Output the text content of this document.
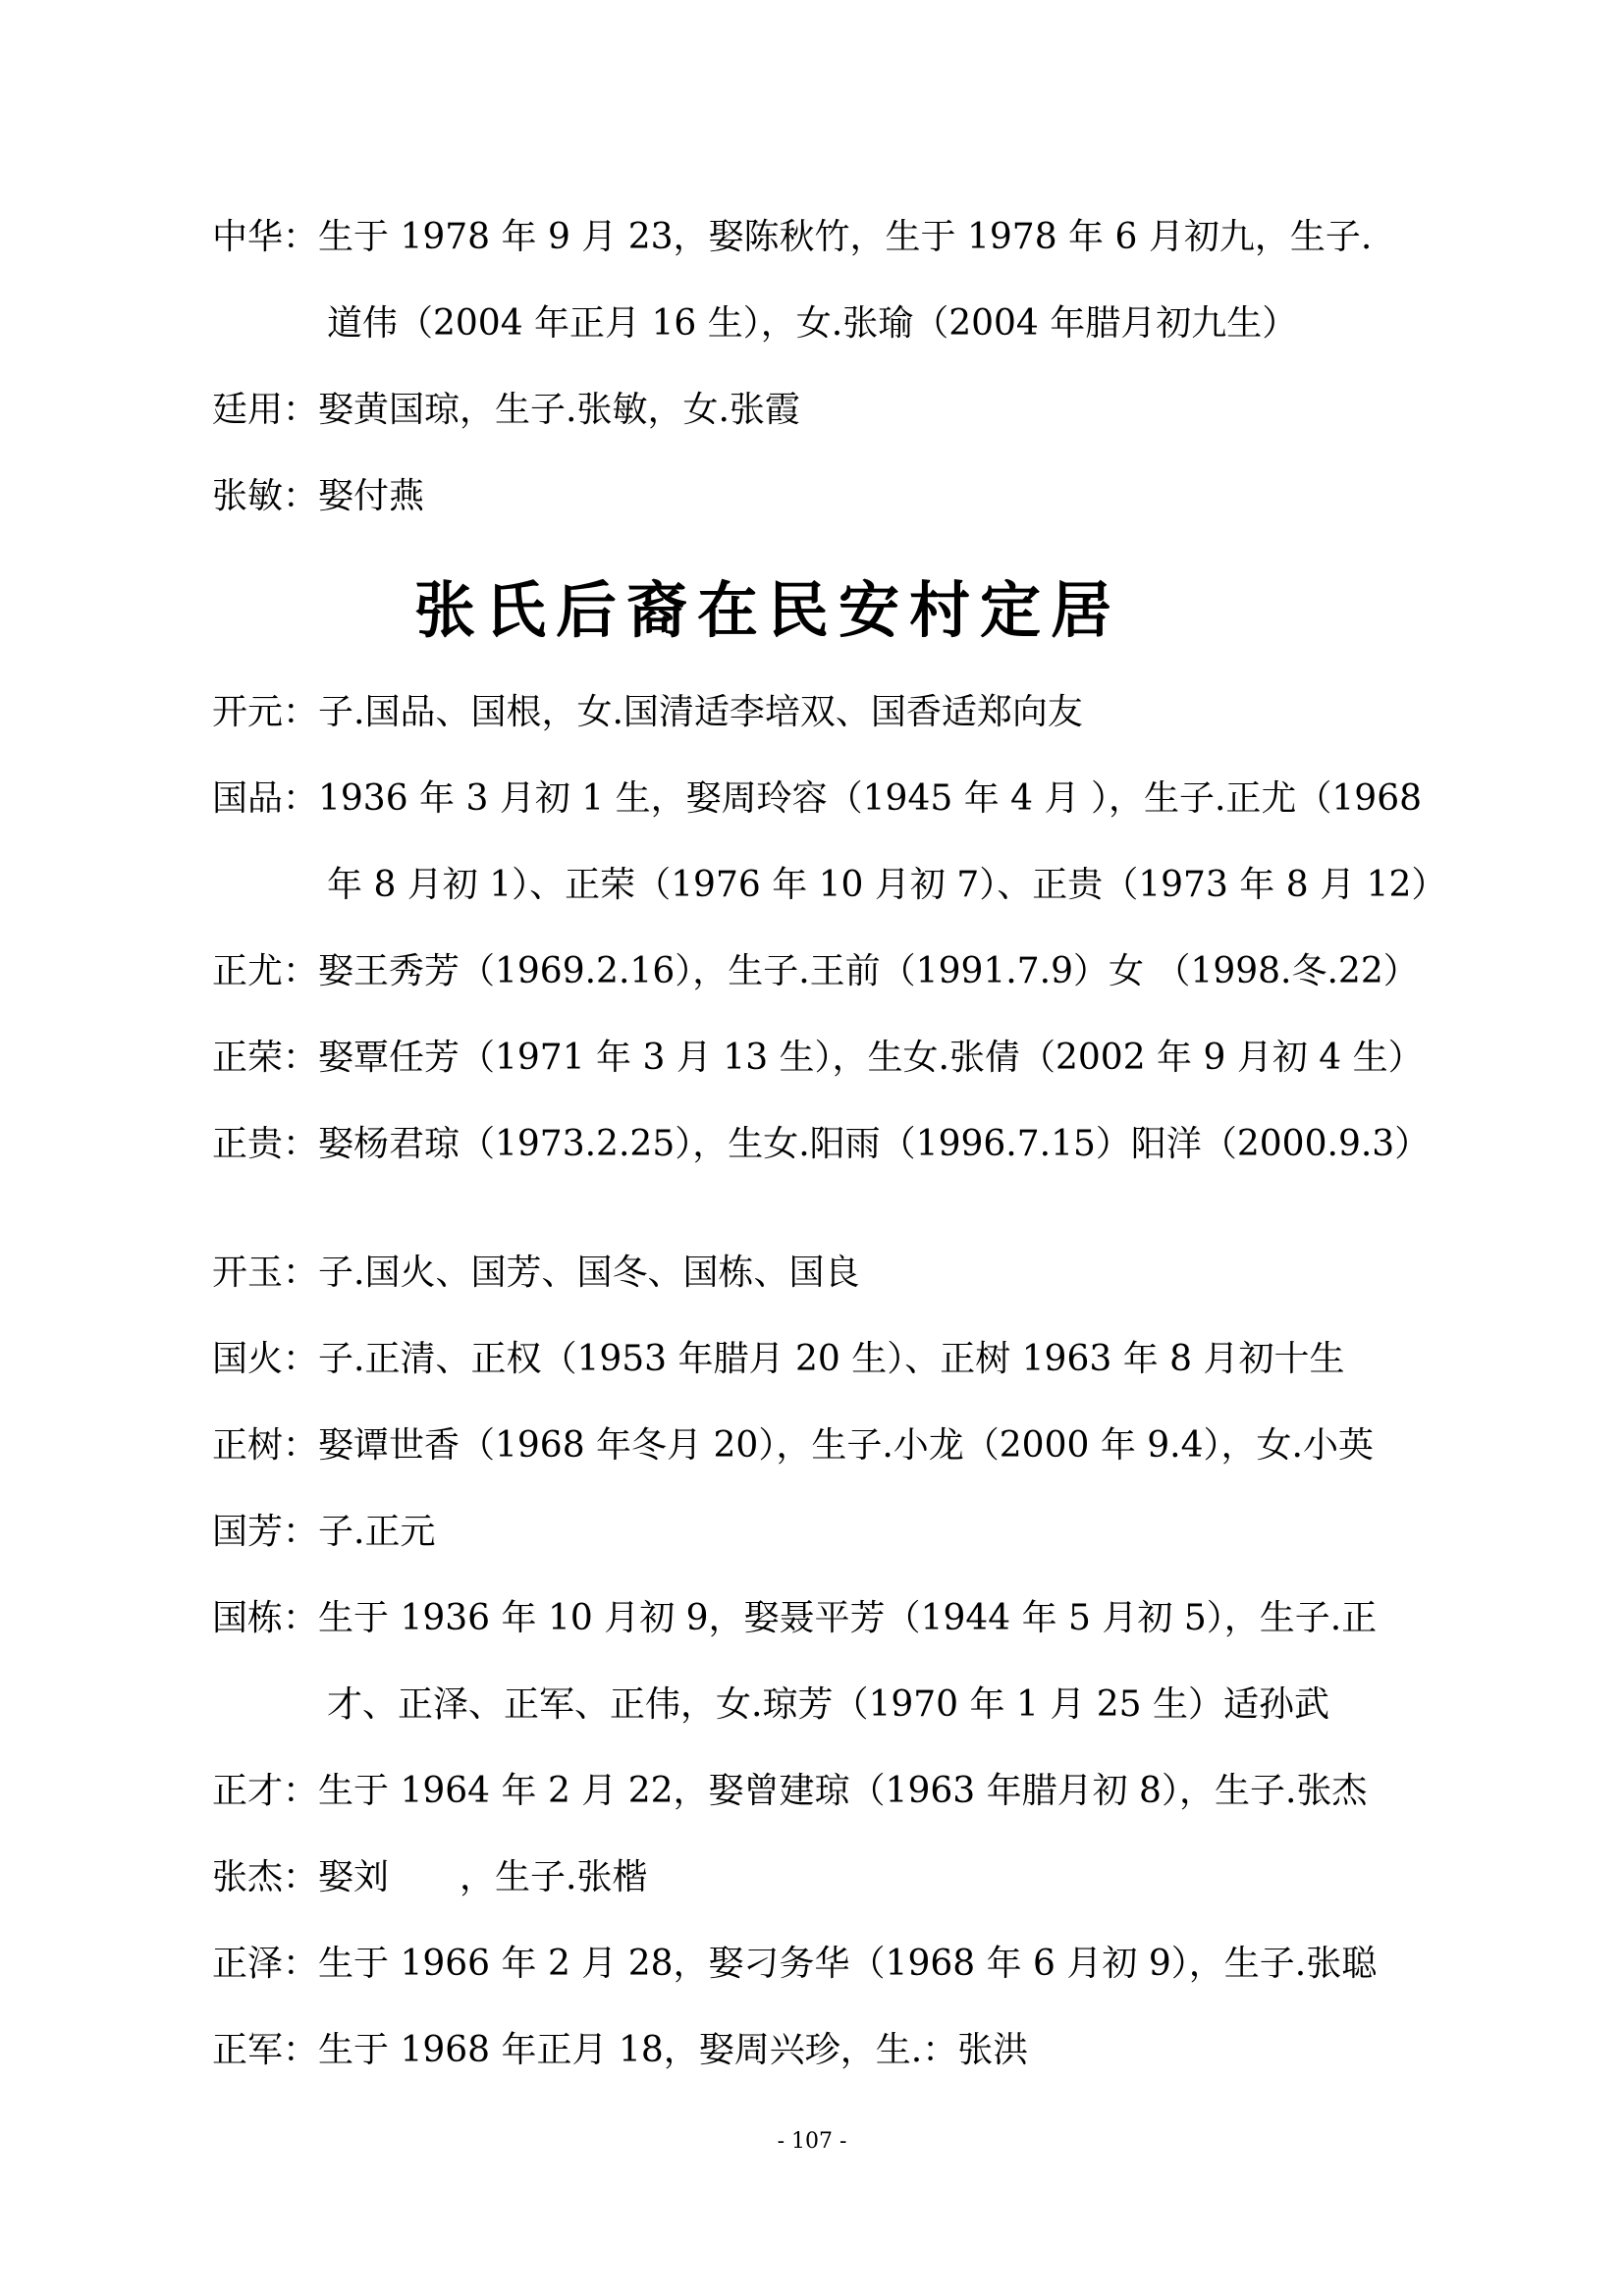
中华：生于 1978 年 9 月 23，娶陈秋竹，生于 1978 年 6 月初九，生子.
道伟（2004 年正月 16 生），女.张瑜（2004 年腊月初九生）
廷用：娶黄国琼，生子.张敏，女.张霞
张敏：娶付燕
张氏后裔在民安村定居
开元：子.国品、国根，女.国清适李培双、国香适郑向友
国品：1936 年 3 月初 1 生，娶周玲容（1945 年 4 月 ），生子.正尤（1968
年 8 月初 1）、正荣（1976 年 10 月初 7）、正贵（1973 年 8 月 12）
正尤：娶王秀芳（1969.2.16），生子.王前（1991.7.9）女 （1998.冬.22）
正荣：娶覃任芳（1971 年 3 月 13 生），生女.张倩（2002 年 9 月初 4 生）
正贵：娶杨君琼（1973.2.25），生女.阳雨（1996.7.15）阳洋（2000.9.3）
开玉：子.国火、国芳、国冬、国栋、国良
国火：子.正清、正权（1953 年腊月 20 生）、正树 1963 年 8 月初十生
正树：娶谭世香（1968 年冬月 20），生子.小龙（2000 年 9.4），女.小英
国芳：子.正元
国栋：生于 1936 年 10 月初 9，娶聂平芳（1944 年 5 月初 5），生子.正
才、正泽、正军、正伟，女.琼芳（1970 年 1 月 25 生）适孙武
正才：生于 1964 年 2 月 22，娶曾建琼（1963 年腊月初 8），生子.张杰
张杰：娶刘　　，生子.张楷
正泽：生于 1966 年 2 月 28，娶刁务华（1968 年 6 月初 9），生子.张聪
正军：生于 1968 年正月 18，娶周兴珍，生.：张洪
- 107 -
